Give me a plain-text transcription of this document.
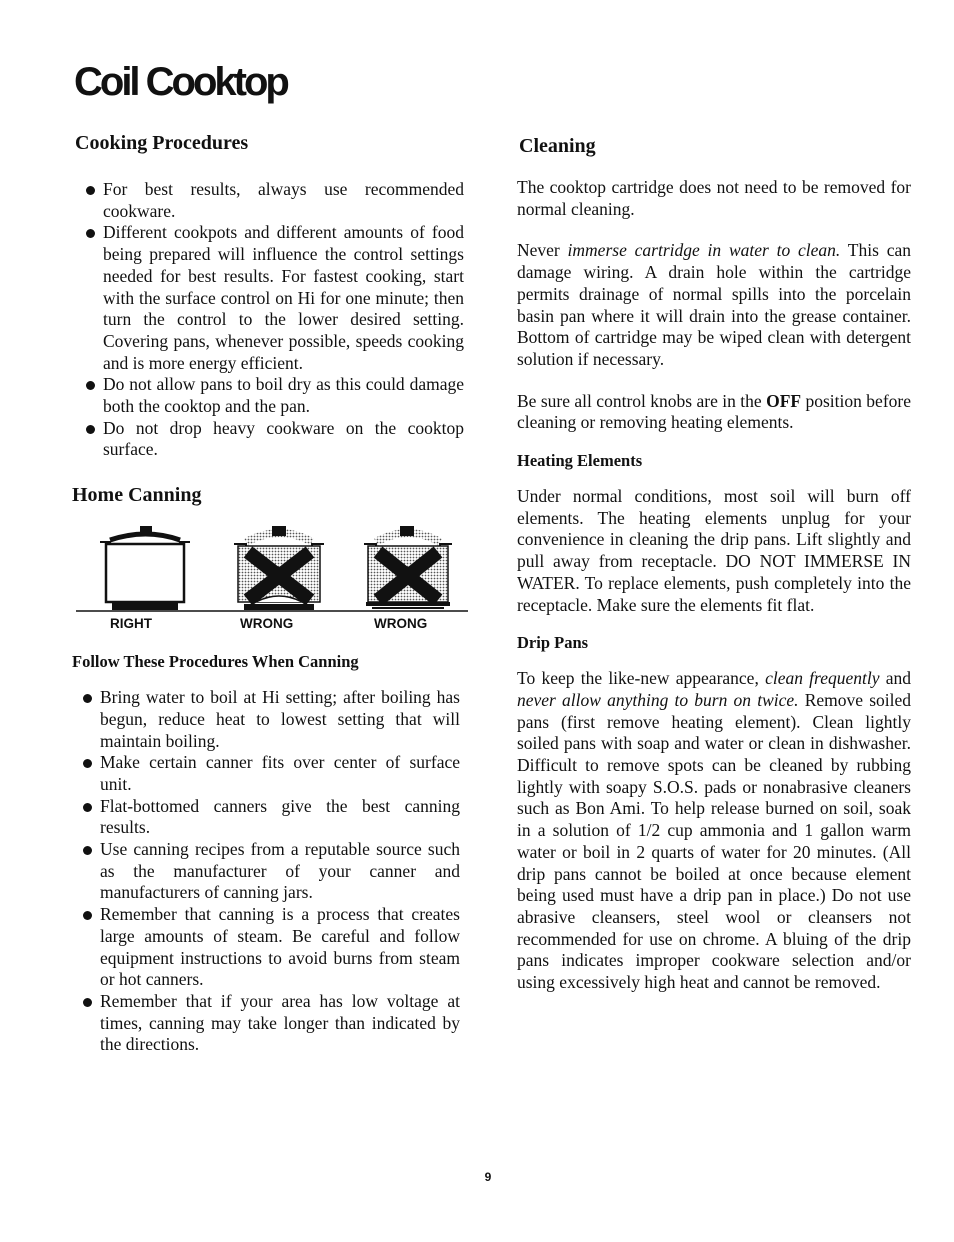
Coil Cooktop
Cooking Procedures
For best results, always use recommended cookware.
Different cookpots and different amounts of food being prepared will influence the control settings needed for best results. For fastest cooking, start with the surface control on Hi for one minute; then turn the control to the lower desired setting. Covering pans, whenever possible, speeds cooking and is more energy efficient.
Do not allow pans to boil dry as this could damage both the cooktop and the pan.
Do not drop heavy cookware on the cooktop surface.
Home Canning
RIGHT	WRONG	WRONG
Follow These Procedures When Canning
Bring water to boil at Hi setting; after boiling has begun, reduce heat to lowest setting that will maintain boiling.
Make certain canner fits over center of surface unit.
Flat-bottomed canners give the best canning results.
Use canning recipes from a reputable source such as the manufacturer of your canner and manufacturers of canning jars.
Remember that canning is a process that creates large amounts of steam. Be careful and follow equipment instructions to avoid burns from steam or hot canners.
Remember that if your area has low voltage at times, canning may take longer than indicated by the directions.
Cleaning

The cooktop cartridge does not need to be removed for normal cleaning.

Never immerse cartridge in water to clean. This can damage wiring. A drain hole within the cartridge permits drainage of normal spills into the porcelain basin pan where it will drain into the grease container. Bottom of cartridge may be wiped clean with detergent solution if necessary.

Be sure all control knobs are in the OFF position before cleaning or removing heating elements.

Heating Elements

Under normal conditions, most soil will burn off elements. The heating elements unplug for your convenience in cleaning the drip pans. Lift slightly and pull away from receptacle. DO NOT IMMERSE IN WATER. To replace elements, push completely into the receptacle. Make sure the elements fit flat.

Drip Pans

To keep the like-new appearance, clean frequently and never allow anything to burn on twice. Remove soiled pans (first remove heating element). Clean lightly soiled pans with soap and water or clean in dishwasher. Difficult to remove spots can be cleaned by rubbing lightly with soapy S.O.S. pads or nonabrasive cleaners such as Bon Ami. To help release burned on soil, soak in a solution of 1/2 cup ammonia and 1 gallon warm water or boil in 2 quarts of water for 20 minutes. (All drip pans cannot be boiled at once because element being used must have a drip pan in place.) Do not use abrasive cleansers, steel wool or cleansers not recommended for use on chrome. A bluing of the drip pans indicates improper cookware selection and/or using excessively high heat and cannot be removed.

9
